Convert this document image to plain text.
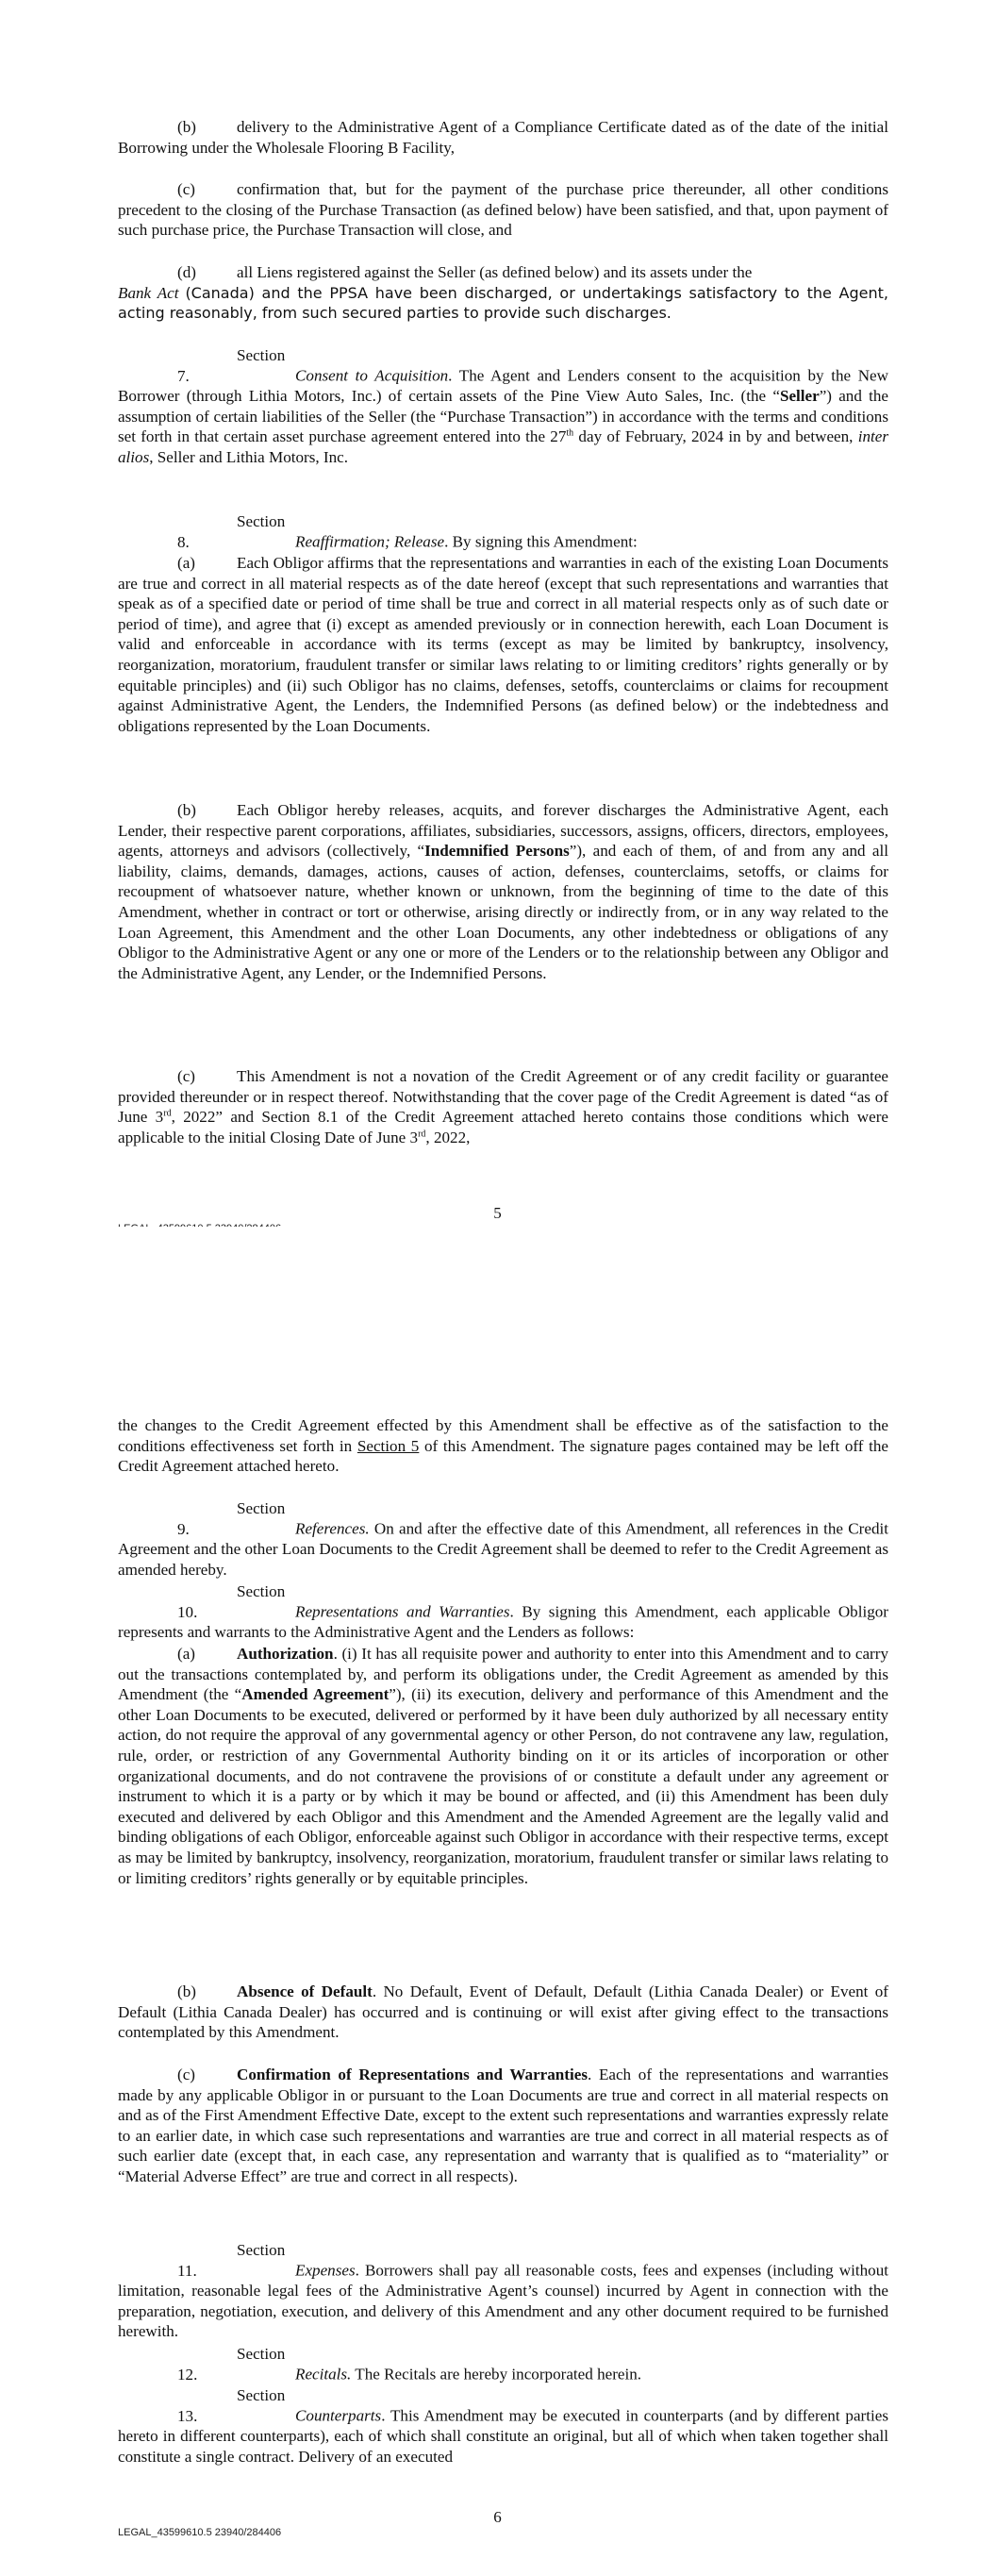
(b)	delivery to the Administrative Agent of a Compliance Certificate dated as of the date of the initial Borrowing under the Wholesale Flooring B Facility,

(c)	confirmation that, but for the payment of the purchase price thereunder, all other conditions precedent to the closing of the Purchase Transaction (as defined below) have been satisfied, and that, upon payment of such purchase price, the Purchase Transaction will close, and

(d)	all Liens registered against the Seller (as defined below) and its assets under the
Bank Act (Canada) and the PPSA have been discharged, or undertakings satisfactory to the Agent, acting reasonably, from such secured parties to provide such discharges.

Section 7.	Consent to Acquisition. The Agent and Lenders consent to the acquisition by the New Borrower (through Lithia Motors, Inc.) of certain assets of the Pine View Auto Sales, Inc. (the “Seller”) and the assumption of certain liabilities of the Seller (the “Purchase Transaction”) in accordance with the terms and conditions set forth in that certain asset purchase agreement entered into the 27th day of February, 2024 in by and between, inter alios, Seller and Lithia Motors, Inc.

Section 8.	Reaffirmation; Release. By signing this Amendment:

(a)	Each Obligor affirms that the representations and warranties in each of the existing Loan Documents are true and correct in all material respects as of the date hereof (except that such representations and warranties that speak as of a specified date or period of time shall be true and correct in all material respects only as of such date or period of time), and agree that (i) except as amended previously or in connection herewith, each Loan Document is valid and enforceable in accordance with its terms (except as may be limited by bankruptcy, insolvency, reorganization, moratorium, fraudulent transfer or similar laws relating to or limiting creditors’ rights generally or by equitable principles) and (ii) such Obligor has no claims, defenses, setoffs, counterclaims or claims for recoupment against Administrative Agent, the Lenders, the Indemnified Persons (as defined below) or the indebtedness and obligations represented by the Loan Documents.

(b)	Each Obligor hereby releases, acquits, and forever discharges the Administrative Agent, each Lender, their respective parent corporations, affiliates, subsidiaries, successors, assigns, officers, directors, employees, agents, attorneys and advisors (collectively, “Indemnified Persons”), and each of them, of and from any and all liability, claims, demands, damages, actions, causes of action, defenses, counterclaims, setoffs, or claims for recoupment of whatsoever nature, whether known or unknown, from the beginning of time to the date of this Amendment, whether in contract or tort or otherwise, arising directly or indirectly from, or in any way related to the Loan Agreement, this Amendment and the other Loan Documents, any other indebtedness or obligations of any Obligor to the Administrative Agent or any one or more of the Lenders or to the relationship between any Obligor and the Administrative Agent, any Lender, or the Indemnified Persons.

(c)	This Amendment is not a novation of the Credit Agreement or of any credit facility or guarantee provided thereunder or in respect thereof. Notwithstanding that the cover page of the Credit Agreement is dated “as of June 3rd, 2022” and Section 8.1 of the Credit Agreement attached hereto contains those conditions which were applicable to the initial Closing Date of June 3rd, 2022,

5

the changes to the Credit Agreement effected by this Amendment shall be effective as of the satisfaction to the conditions effectiveness set forth in Section 5 of this Amendment. The signature pages contained may be left off the Credit Agreement attached hereto.

Section 9.	References. On and after the effective date of this Amendment, all references in the Credit Agreement and the other Loan Documents to the Credit Agreement shall be deemed to refer to the Credit Agreement as amended hereby.

Section 10.	Representations and Warranties. By signing this Amendment, each applicable Obligor represents and warrants to the Administrative Agent and the Lenders as follows:

(a)	Authorization. (i) It has all requisite power and authority to enter into this Amendment and to carry out the transactions contemplated by, and perform its obligations under, the Credit Agreement as amended by this Amendment (the “Amended Agreement”), (ii) its execution, delivery and performance of this Amendment and the other Loan Documents to be executed, delivered or performed by it have been duly authorized by all necessary entity action, do not require the approval of any governmental agency or other Person, do not contravene any law, regulation, rule, order, or restriction of any Governmental Authority binding on it or its articles of incorporation or other organizational documents, and do not contravene the provisions of or constitute a default under any agreement or instrument to which it is a party or by which it may be bound or affected, and (ii) this Amendment has been duly executed and delivered by each Obligor and this Amendment and the Amended Agreement are the legally valid and binding obligations of each Obligor, enforceable against such Obligor in accordance with their respective terms, except as may be limited by bankruptcy, insolvency, reorganization, moratorium, fraudulent transfer or similar laws relating to or limiting creditors’ rights generally or by equitable principles.

(b)	Absence of Default. No Default, Event of Default, Default (Lithia Canada Dealer) or Event of Default (Lithia Canada Dealer) has occurred and is continuing or will exist after giving effect to the transactions contemplated by this Amendment.

(c)	Confirmation of Representations and Warranties. Each of the representations and warranties made by any applicable Obligor in or pursuant to the Loan Documents are true and correct in all material respects on and as of the First Amendment Effective Date, except to the extent such representations and warranties expressly relate to an earlier date, in which case such representations and warranties are true and correct in all material respects as of such earlier date (except that, in each case, any representation and warranty that is qualified as to “materiality” or “Material Adverse Effect” are true and correct in all respects).

Section 11.	Expenses. Borrowers shall pay all reasonable costs, fees and expenses (including without limitation, reasonable legal fees of the Administrative Agent’s counsel) incurred by Agent in connection with the preparation, negotiation, execution, and delivery of this Amendment and any other document required to be furnished herewith.

Section 12.	Recitals. The Recitals are hereby incorporated herein.

Section 13.	Counterparts. This Amendment may be executed in counterparts (and by different parties hereto in different counterparts), each of which shall constitute an original, but all of which when taken together shall constitute a single contract. Delivery of an executed

6
LEGAL_43599610.5 23940/284406
